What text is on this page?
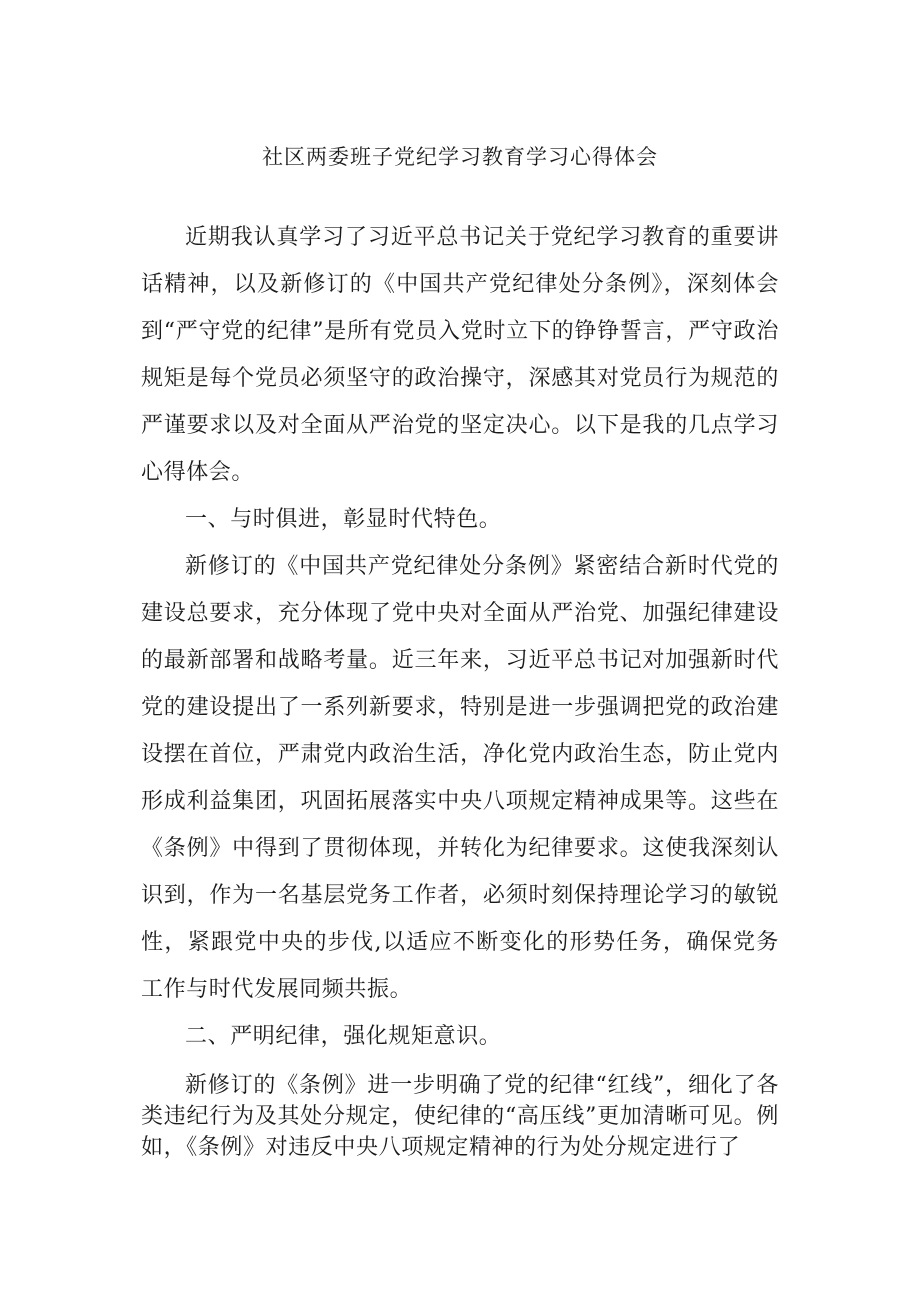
社区两委班子党纪学习教育学习心得体会

近期我认真学习了习近平总书记关于党纪学习教育的重要讲话精神，以及新修订的《中国共产党纪律处分条例》，深刻体会到“严守党的纪律”是所有党员入党时立下的铮铮誓言，严守政治规矩是每个党员必须坚守的政治操守，深感其对党员行为规范的严谨要求以及对全面从严治党的坚定决心。以下是我的几点学习心得体会。

一、与时俱进，彰显时代特色。

新修订的《中国共产党纪律处分条例》紧密结合新时代党的建设总要求，充分体现了党中央对全面从严治党、加强纪律建设的最新部署和战略考量。近三年来，习近平总书记对加强新时代党的建设提出了一系列新要求，特别是进一步强调把党的政治建设摆在首位，严肃党内政治生活，净化党内政治生态，防止党内形成利益集团，巩固拓展落实中央八项规定精神成果等。这些在《条例》中得到了贯彻体现，并转化为纪律要求。这使我深刻认识到，作为一名基层党务工作者，必须时刻保持理论学习的敏锐性，紧跟党中央的步伐,以适应不断变化的形势任务，确保党务工作与时代发展同频共振。

二、严明纪律，强化规矩意识。

新修订的《条例》进一步明确了党的纪律“红线”，细化了各类违纪行为及其处分规定，使纪律的“高压线”更加清晰可见。例如，《条例》对违反中央八项规定精神的行为处分规定进行了
